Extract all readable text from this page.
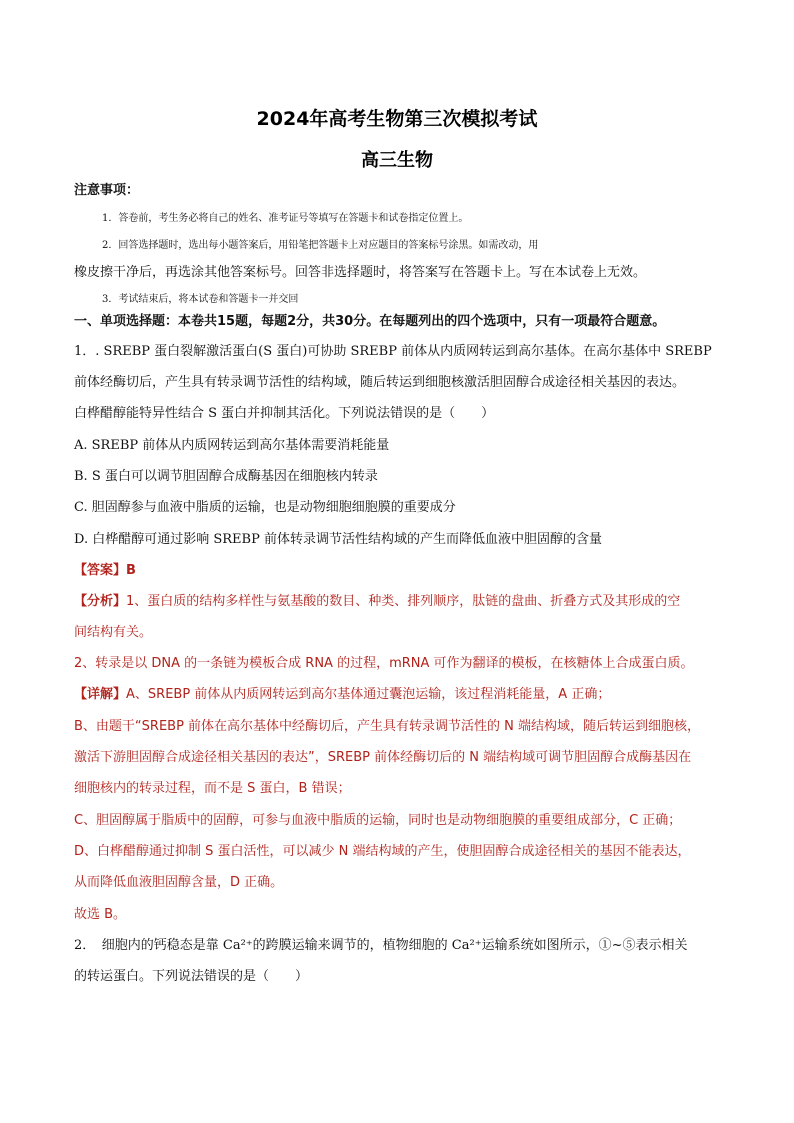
2024年高考生物第三次模拟考试
高三生物
注意事项：
1．答卷前，考生务必将自己的姓名、准考证号等填写在答题卡和试卷指定位置上。
2．回答选择题时，选出每小题答案后，用铅笔把答题卡上对应题目的答案标号涂黑。如需改动，用
橡皮擦干净后，再选涂其他答案标号。回答非选择题时，将答案写在答题卡上。写在本试卷上无效。
3．考试结束后，将本试卷和答题卡一并交回
一、单项选择题：本卷共15题，每题2分，共30分。在每题列出的四个选项中，只有一项最符合题意。
1．. SREBP 蛋白裂解激活蛋白(S 蛋白)可协助 SREBP 前体从内质网转运到高尔基体。在高尔基体中 SREBP
前体经酶切后，产生具有转录调节活性的结构域，随后转运到细胞核激活胆固醇合成途径相关基因的表达。
白桦醋醇能特异性结合 S 蛋白并抑制其活化。下列说法错误的是（　　）
A. SREBP 前体从内质网转运到高尔基体需要消耗能量
B. S 蛋白可以调节胆固醇合成酶基因在细胞核内转录
C. 胆固醇参与血液中脂质的运输，也是动物细胞细胞膜的重要成分
D. 白桦醋醇可通过影响 SREBP 前体转录调节活性结构域的产生而降低血液中胆固醇的含量
【答案】B
【分析】1、蛋白质的结构多样性与氨基酸的数目、种类、排列顺序，肽链的盘曲、折叠方式及其形成的空
间结构有关。
2、转录是以 DNA 的一条链为模板合成 RNA 的过程，mRNA 可作为翻译的模板，在核糖体上合成蛋白质。
【详解】A、SREBP 前体从内质网转运到高尔基体通过囊泡运输，该过程消耗能量，A 正确；
B、由题干“SREBP 前体在高尔基体中经酶切后，产生具有转录调节活性的 N 端结构域，随后转运到细胞核，
激活下游胆固醇合成途径相关基因的表达”，SREBP 前体经酶切后的 N 端结构域可调节胆固醇合成酶基因在
细胞核内的转录过程，而不是 S 蛋白，B 错误；
C、胆固醇属于脂质中的固醇，可参与血液中脂质的运输，同时也是动物细胞膜的重要组成部分，C 正确；
D、白桦醋醇通过抑制 S 蛋白活性，可以减少 N 端结构域的产生，使胆固醇合成途径相关的基因不能表达，
从而降低血液胆固醇含量，D 正确。
故选 B。
2．　细胞内的钙稳态是靠 Ca²⁺的跨膜运输来调节的，植物细胞的 Ca²⁺运输系统如图所示，①~⑤表示相关
的转运蛋白。下列说法错误的是（　　）
